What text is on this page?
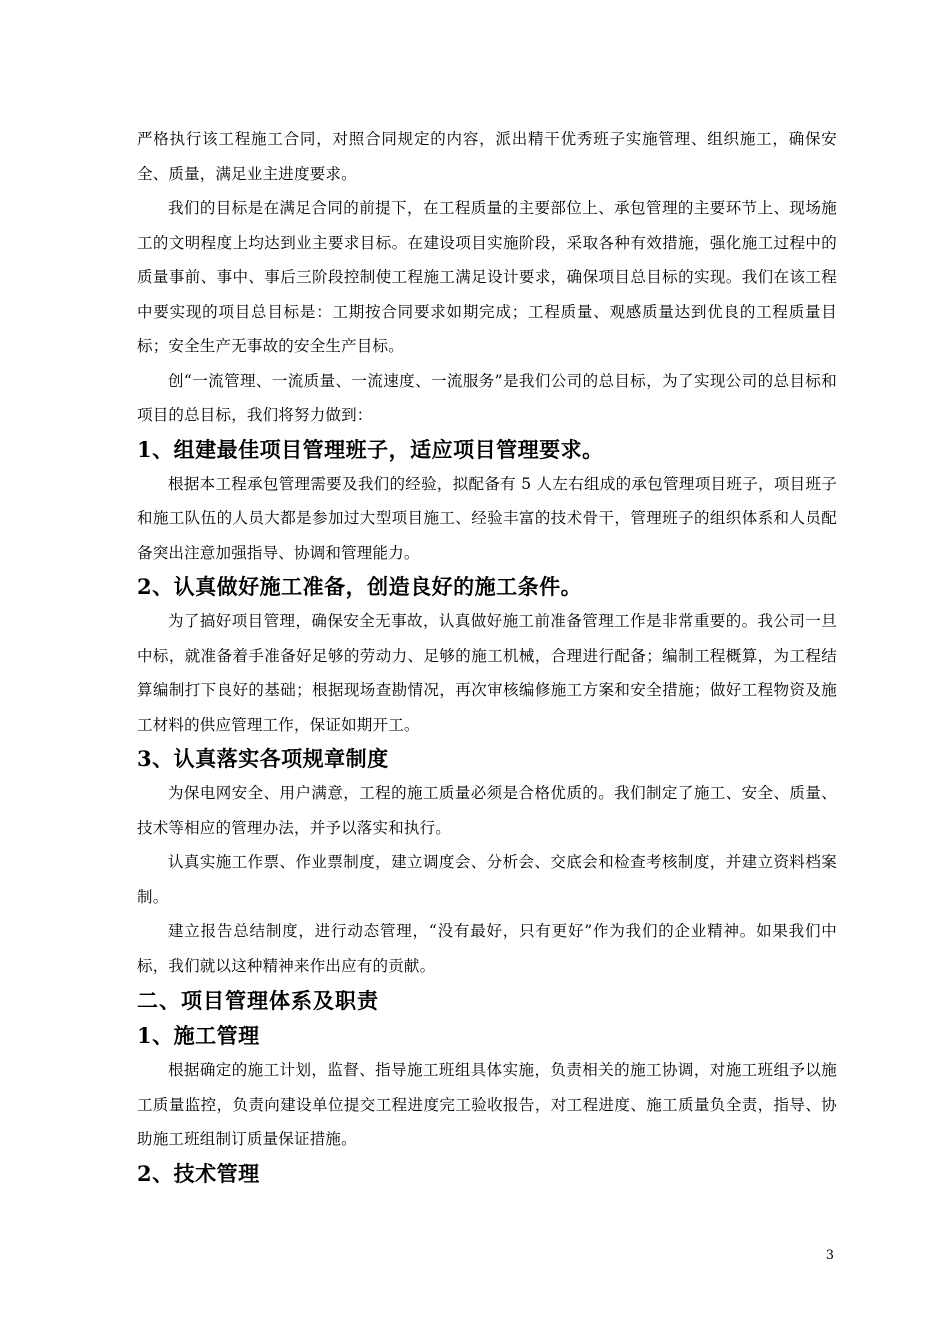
严格执行该工程施工合同，对照合同规定的内容，派出精干优秀班子实施管理、组织施工，确保安全、质量，满足业主进度要求。

我们的目标是在满足合同的前提下，在工程质量的主要部位上、承包管理的主要环节上、现场施工的文明程度上均达到业主要求目标。在建设项目实施阶段，采取各种有效措施，强化施工过程中的质量事前、事中、事后三阶段控制使工程施工满足设计要求，确保项目总目标的实现。我们在该工程中要实现的项目总目标是：工期按合同要求如期完成；工程质量、观感质量达到优良的工程质量目标；安全生产无事故的安全生产目标。

创“一流管理、一流质量、一流速度、一流服务”是我们公司的总目标，为了实现公司的总目标和项目的总目标，我们将努力做到：

1、组建最佳项目管理班子，适应项目管理要求。

根据本工程承包管理需要及我们的经验，拟配备有 5 人左右组成的承包管理项目班子，项目班子和施工队伍的人员大都是参加过大型项目施工、经验丰富的技术骨干，管理班子的组织体系和人员配备突出注意加强指导、协调和管理能力。

2、认真做好施工准备，创造良好的施工条件。

为了搞好项目管理，确保安全无事故，认真做好施工前准备管理工作是非常重要的。我公司一旦中标，就准备着手准备好足够的劳动力、足够的施工机械，合理进行配备；编制工程概算，为工程结算编制打下良好的基础；根据现场查勘情况，再次审核编修施工方案和安全措施；做好工程物资及施工材料的供应管理工作，保证如期开工。

3、认真落实各项规章制度

为保电网安全、用户满意，工程的施工质量必须是合格优质的。我们制定了施工、安全、质量、技术等相应的管理办法，并予以落实和执行。

认真实施工作票、作业票制度，建立调度会、分析会、交底会和检查考核制度，并建立资料档案制。

建立报告总结制度，进行动态管理，“没有最好，只有更好”作为我们的企业精神。如果我们中标，我们就以这种精神来作出应有的贡献。

二、项目管理体系及职责
1、施工管理

根据确定的施工计划，监督、指导施工班组具体实施，负责相关的施工协调，对施工班组予以施工质量监控，负责向建设单位提交工程进度完工验收报告，对工程进度、施工质量负全责，指导、协助施工班组制订质量保证措施。

2、技术管理
3
